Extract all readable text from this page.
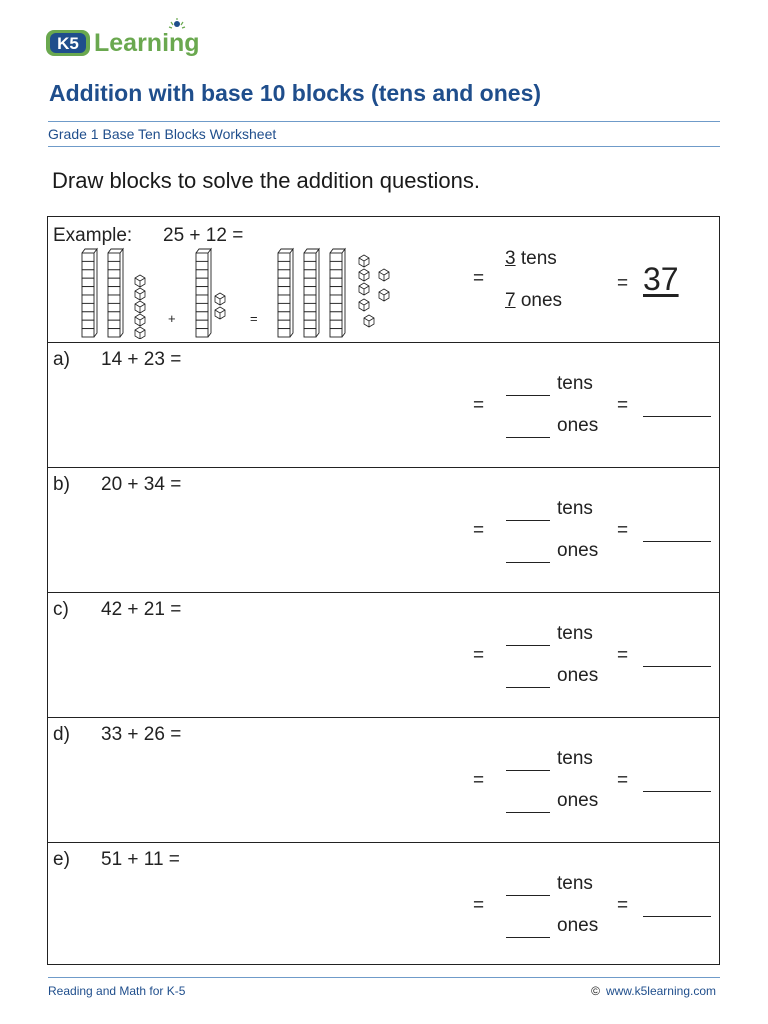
K5 Learning
Addition with base 10 blocks (tens and ones)
Grade 1 Base Ten Blocks Worksheet
Draw blocks to solve the addition questions.
Example: 25 + 12 =
+	=
=
3 tens
7 ones
= 37
a) 14 + 23 =
=
tens
ones
=
b) 20 + 34 =
=
tens
ones
=
c) 42 + 21 =
=
tens
ones
=
d) 33 + 26 =
=
tens
ones
=
e) 51 + 11 =
=
tens
ones
=
Reading and Math for K-5	© www.k5learning.com
